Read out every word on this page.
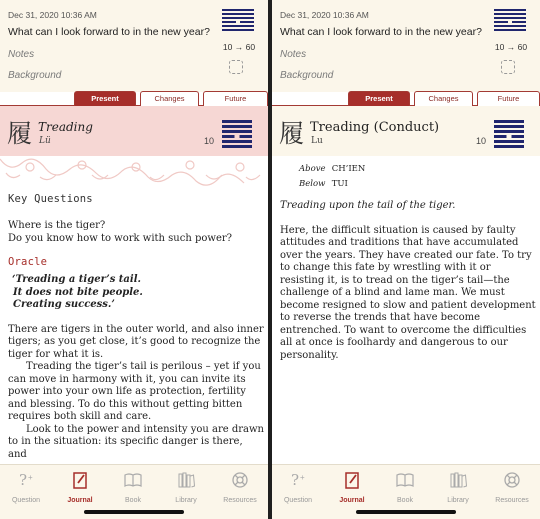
Dec 31, 2020 10:36 AM
What can I look forward to in the new year?
10 → 60
Notes
Background
Present	Changes	Future
履 Treading
Lü	10
Key Questions
Where is the tiger?
Do you know how to work with such power?
Oracle
‘Treading a tiger’s tail.
It does not bite people.
Creating success.’
There are tigers in the outer world, and also inner tigers; as you get close, it’s good to recognize the tiger for what it is.
Treading the tiger’s tail is perilous – yet if you can move in harmony with it, you can invite its power into your own life as protection, fertility and blessing. To do this without getting bitten requires both skill and care.
Look to the power and intensity you are drawn to in the situation: its specific danger is there, and
? +
Question	Journal	Book	Library	Resources
Dec 31, 2020 10:36 AM
What can I look forward to in the new year?
10 → 60
Notes
Background
Present	Changes	Future
履 Treading (Conduct)
Lu	10
Above CH’IEN
Below TUI
Treading upon the tail of the tiger.
Here, the difficult situation is caused by faulty attitudes and traditions that have accumulated over the years. They have created our fate. To try to change this fate by wrestling with it or resisting it, is to tread on the tiger’s tail—the challenge of a blind and lame man. We must become resigned to slow and patient development to reverse the trends that have become entrenched. To want to overcome the difficulties all at once is foolhardy and dangerous to our personality.
? +
Question	Journal	Book	Library	Resources
